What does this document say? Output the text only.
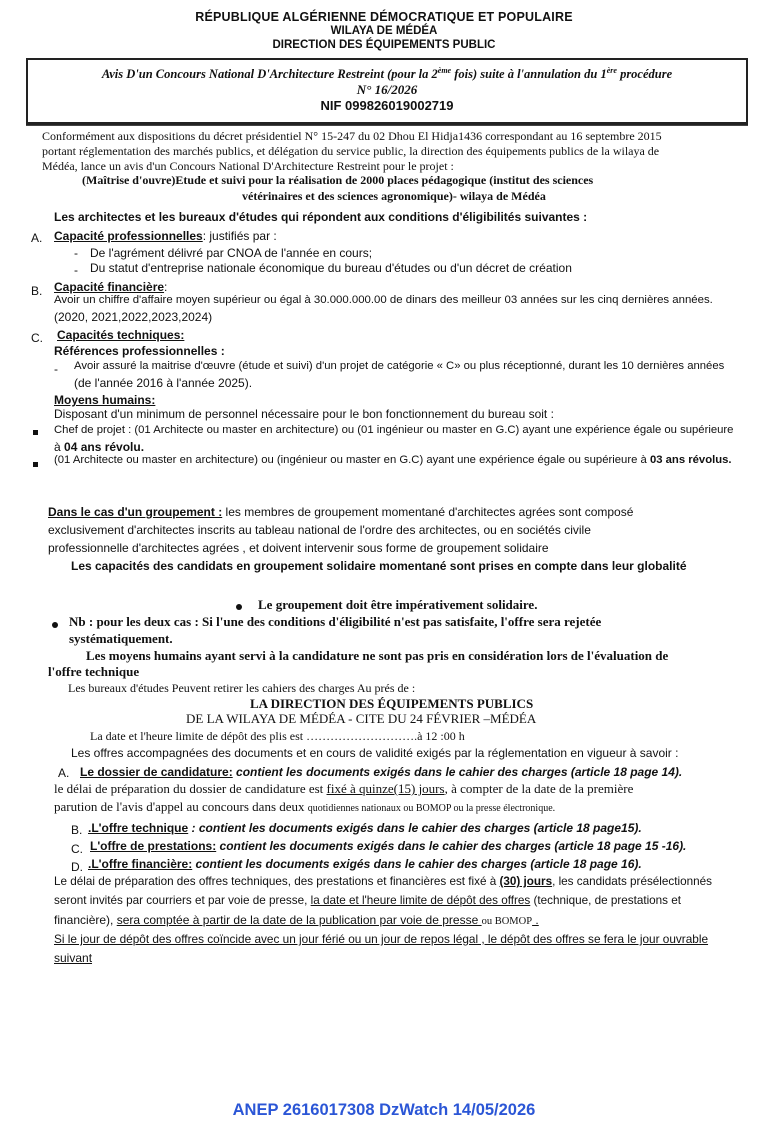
RÉPUBLIQUE ALGÉRIENNE DÉMOCRATIQUE ET POPULAIRE
WILAYA DE MÉDÉA
DIRECTION DES ÉQUIPEMENTS PUBLIC
Avis D'un Concours National D'Architecture Restreint (pour la 2ème fois) suite à l'annulation du 1ère procédure
N° 16/2026
NIF 099826019002719
Conformément aux dispositions du décret présidentiel N° 15-247 du 02 Dhou El Hidja1436 correspondant au 16 septembre 2015
portant réglementation des marchés publics, et délégation du service public, la direction des équipements publics de la wilaya de
Médéa, lance un avis d'un Concours National D'Architecture Restreint pour le projet :
(Maîtrise d'ouvre)Etude et suivi pour la réalisation de 2000 places pédagogique (institut des sciences
vétérinaires et des sciences agronomique)- wilaya de Médéa
Les architectes et les bureaux d'études qui répondent aux conditions d'éligibilités suivantes :
A. Capacité professionnelles: justifiés par :
- De l'agrément délivré par CNOA de l'année en cours;
- Du statut d'entreprise nationale économique du bureau d'études ou d'un décret de création
B. Capacité financière:
Avoir un chiffre d'affaire moyen supérieur ou égal à 30.000.000.00 de dinars des meilleur 03 années sur les cinq dernières années.
(2020, 2021,2022,2023,2024)
C. Capacités techniques:
Références professionnelles :
- Avoir assuré la maitrise d'œuvre (étude et suivi) d'un projet de catégorie « C» ou plus réceptionné, durant les 10 dernières années
(de l'année 2016 à l'année 2025).
Moyens humains:
Disposant d'un minimum de personnel nécessaire pour le bon fonctionnement du bureau soit :
Chef de projet : (01 Architecte ou master en architecture) ou (01 ingénieur ou master en G.C) ayant une expérience égale ou supérieure
à 04 ans révolu.
(01 Architecte ou master en architecture) ou (ingénieur ou master en G.C) ayant une expérience égale ou supérieure à 03 ans révolus.
Dans le cas d'un groupement : les membres de groupement momentané d'architectes agrées sont composé
exclusivement d'architectes inscrits au tableau national de l'ordre des architectes, ou en sociétés civile
professionnelle d'architectes agrées , et doivent intervenir sous forme de groupement solidaire
Les capacités des candidats en groupement solidaire momentané sont prises en compte dans leur globalité
Le groupement doit être impérativement solidaire.
Nb : pour les deux cas : Si l'une des conditions d'éligibilité n'est pas satisfaite, l'offre sera rejetée
systématiquement.
Les moyens humains ayant servi à la candidature ne sont pas pris en considération lors de l'évaluation de
l'offre technique
Les bureaux d'études Peuvent retirer les cahiers des charges Au prés de :
LA DIRECTION DES ÉQUIPEMENTS PUBLICS
DE LA WILAYA DE MÉDÉA - CITE DU 24 FÉVRIER –MÉDÉA
La date et l'heure limite de dépôt des plis est ……………………….à 12 :00 h
Les offres accompagnées des documents et en cours de validité exigés par la réglementation en vigueur à savoir :
A. Le dossier de candidature: contient les documents exigés dans le cahier des charges (article 18 page 14).
le délai de préparation du dossier de candidature est fixé à quinze(15) jours, à compter de la date de la première
parution de l'avis d'appel au concours dans deux quotidiennes nationaux ou BOMOP ou la presse électronique.
B. .L'offre technique : contient les documents exigés dans le cahier des charges (article 18 page15).
C. L'offre de prestations: contient les documents exigés dans le cahier des charges (article 18 page 15 -16).
D. .L'offre financière: contient les documents exigés dans le cahier des charges (article 18 page 16).
Le délai de préparation des offres techniques, des prestations et financières est fixé à (30) jours, les candidats présélectionnés
seront invités par courriers et par voie de presse, la date et l'heure limite de dépôt des offres (technique, de prestations et
financière), sera comptée à partir de la date de la publication par voie de presse ou BOMOP .
Si le jour de dépôt des offres coïncide avec un jour férié ou un jour de repos légal , le dépôt des offres se fera le jour ouvrable
suivant
ANEP 2616017308 DzWatch 14/05/2026
